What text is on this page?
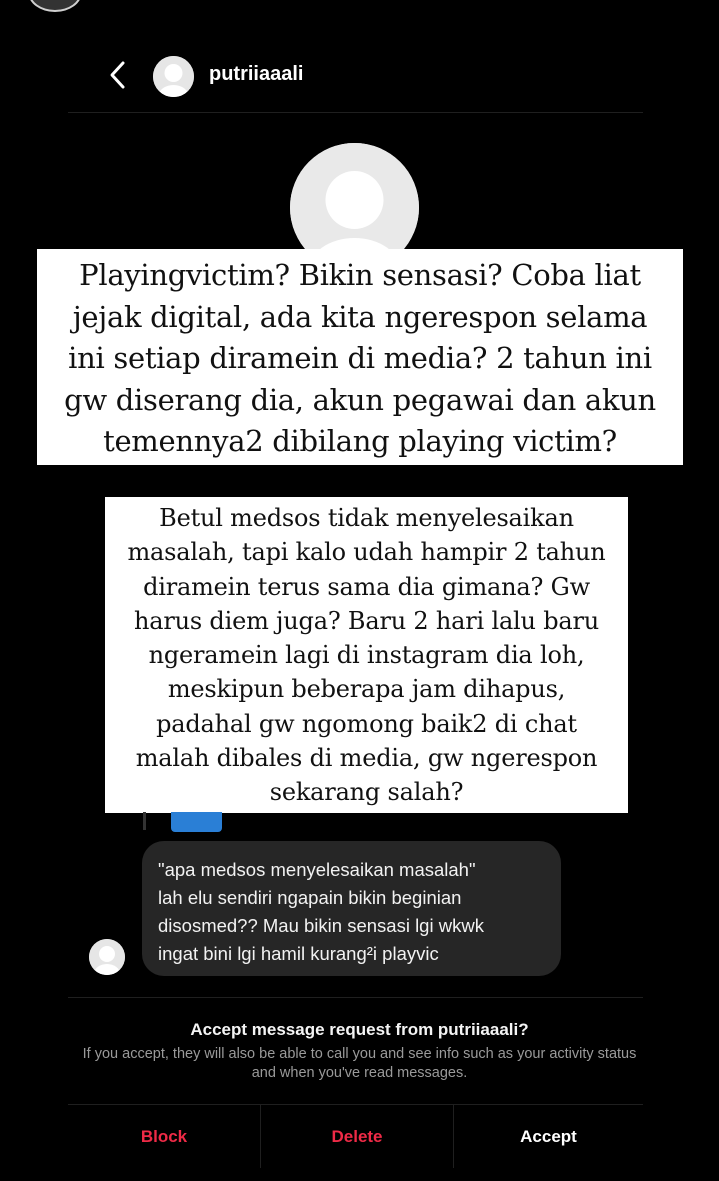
putriiaaali
Playingvictim? Bikin sensasi? Coba liat
jejak digital, ada kita ngerespon selama
ini setiap diramein di media? 2 tahun ini
gw diserang dia, akun pegawai dan akun
temennya2 dibilang playing victim?
Betul medsos tidak menyelesaikan
masalah, tapi kalo udah hampir 2 tahun
diramein terus sama dia gimana? Gw
harus diem juga? Baru 2 hari lalu baru
ngeramein lagi di instagram dia loh,
meskipun beberapa jam dihapus,
padahal gw ngomong baik2 di chat
malah dibales di media, gw ngerespon
sekarang salah?
"apa medsos menyelesaikan masalah"
lah elu sendiri ngapain bikin beginian
disosmed?? Mau bikin sensasi lgi wkwk
ingat bini lgi hamil kurang²i playvic
Accept message request from putriiaaali?
If you accept, they will also be able to call you and see info such as your activity status and when you've read messages.
Block	Delete	Accept
